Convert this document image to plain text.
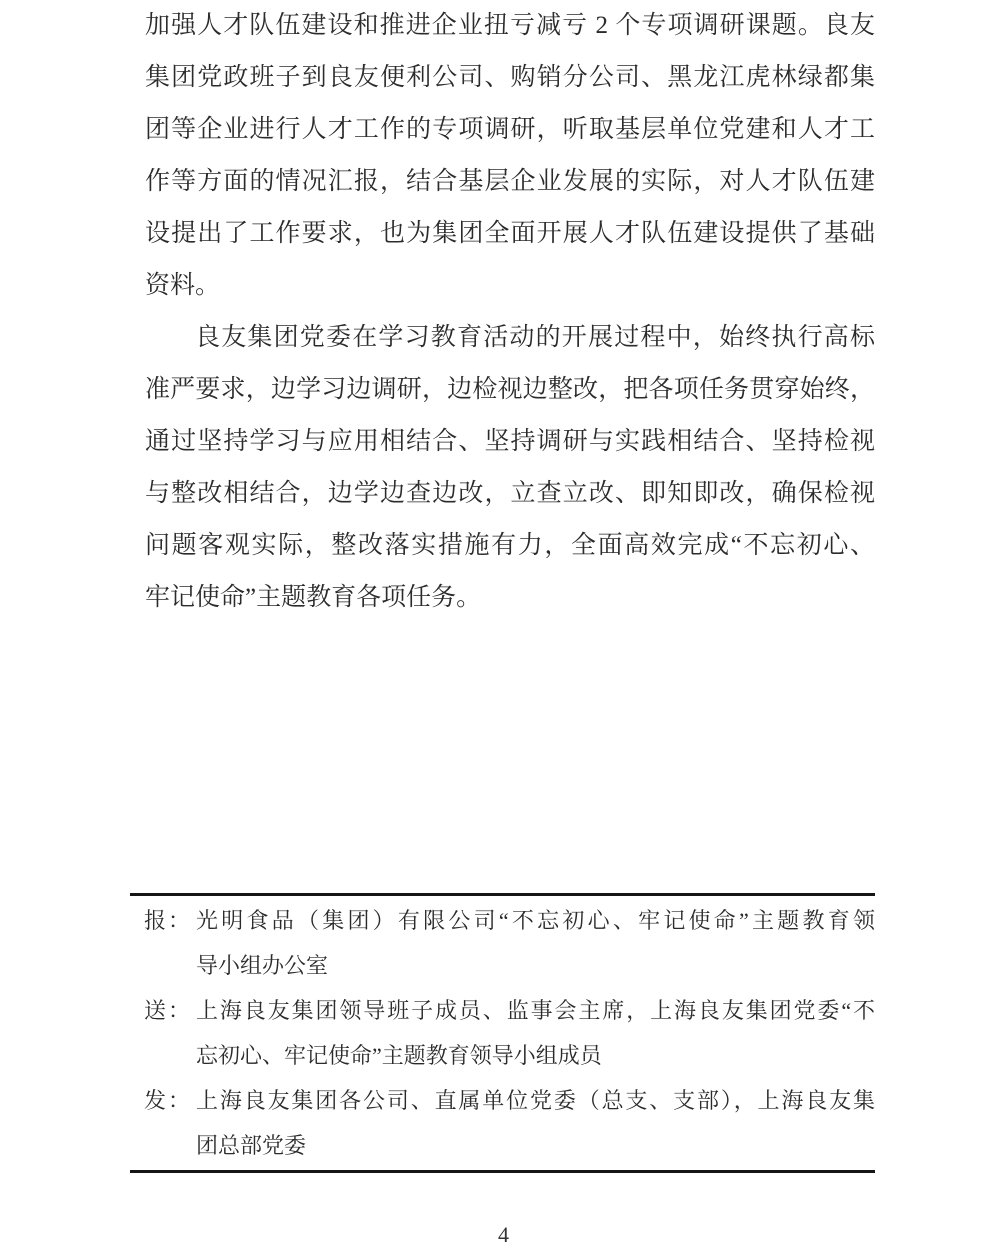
加强人才队伍建设和推进企业扭亏减亏 2 个专项调研课题。良友
集团党政班子到良友便利公司、购销分公司、黑龙江虎林绿都集
团等企业进行人才工作的专项调研，听取基层单位党建和人才工
作等方面的情况汇报，结合基层企业发展的实际，对人才队伍建
设提出了工作要求，也为集团全面开展人才队伍建设提供了基础
资料。
良友集团党委在学习教育活动的开展过程中，始终执行高标
准严要求，边学习边调研，边检视边整改，把各项任务贯穿始终，
通过坚持学习与应用相结合、坚持调研与实践相结合、坚持检视
与整改相结合，边学边查边改，立查立改、即知即改，确保检视
问题客观实际，整改落实措施有力，全面高效完成“不忘初心、
牢记使命”主题教育各项任务。
报： 光明食品（集团）有限公司“不忘初心、牢记使命”主题教育领
导小组办公室
送： 上海良友集团领导班子成员、监事会主席，上海良友集团党委“不
忘初心、牢记使命”主题教育领导小组成员
发： 上海良友集团各公司、直属单位党委（总支、支部），上海良友集
团总部党委
4
